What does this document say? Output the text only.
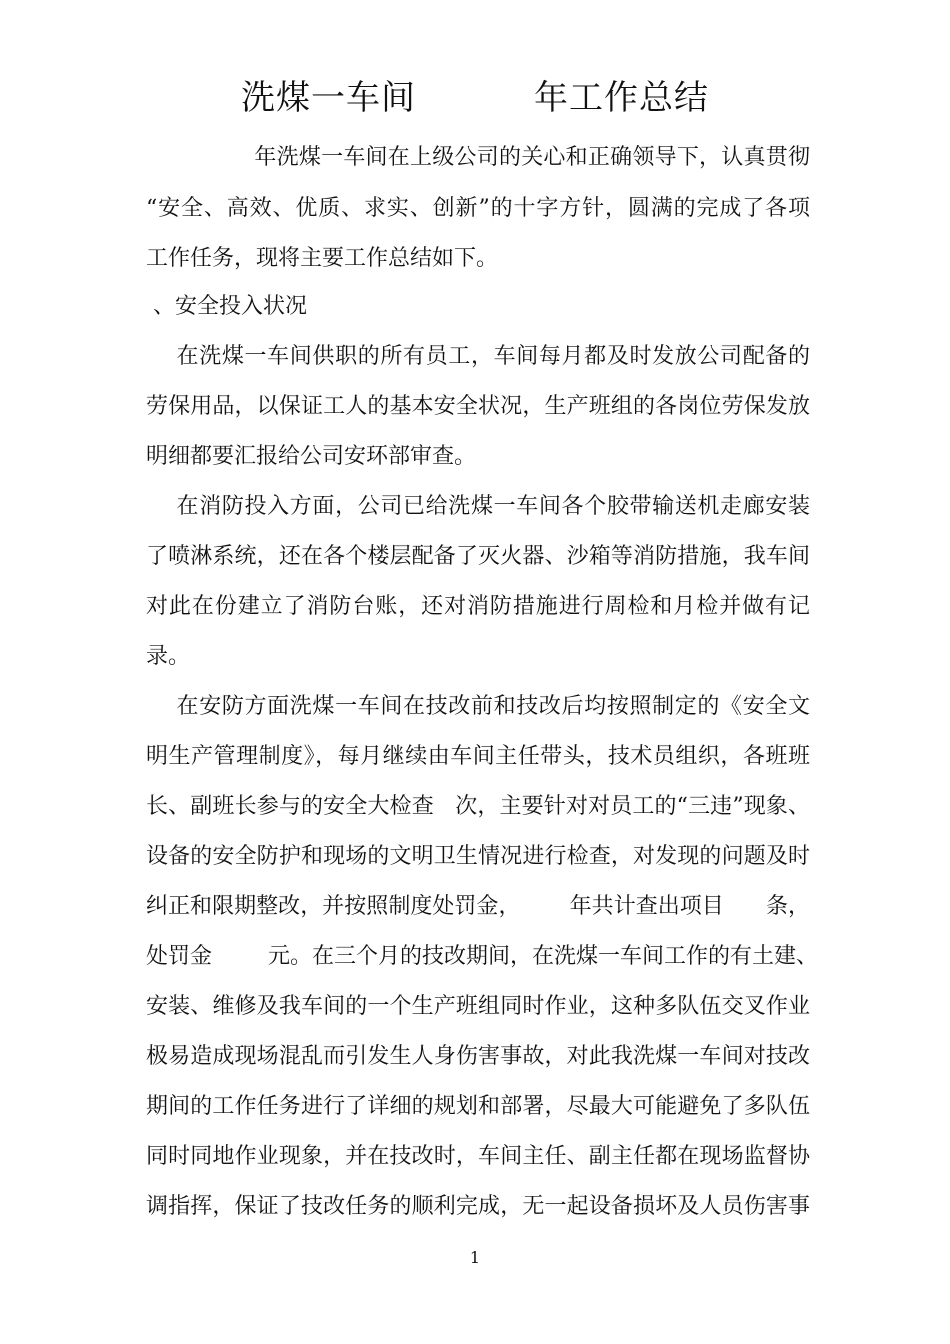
洗煤一车间          年工作总结
年洗煤一车间在上级公司的关心和正确领导下，认真贯彻
“安全、高效、优质、求实、创新”的十字方针，圆满的完成了各项
工作任务，现将主要工作总结如下。
、安全投入状况
在洗煤一车间供职的所有员工，车间每月都及时发放公司配备的
劳保用品，以保证工人的基本安全状况，生产班组的各岗位劳保发放
明细都要汇报给公司安环部审查。
在消防投入方面，公司已给洗煤一车间各个胶带输送机走廊安装
了喷淋系统，还在各个楼层配备了灭火器、沙箱等消防措施，我车间
对此在份建立了消防台账，还对消防措施进行周检和月检并做有记
录。
在安防方面洗煤一车间在技改前和技改后均按照制定的《安全文
明生产管理制度》，每月继续由车间主任带头，技术员组织，各班班
长、副班长参与的安全大检查   次，主要针对对员工的“三违”现象、
设备的安全防护和现场的文明卫生情况进行检查，对发现的问题及时
纠正和限期整改，并按照制度处罚金，       年共计查出项目      条，
处罚金        元。在三个月的技改期间，在洗煤一车间工作的有土建、
安装、维修及我车间的一个生产班组同时作业，这种多队伍交叉作业
极易造成现场混乱而引发生人身伤害事故，对此我洗煤一车间对技改
期间的工作任务进行了详细的规划和部署，尽最大可能避免了多队伍
同时同地作业现象，并在技改时，车间主任、副主任都在现场监督协
调指挥，保证了技改任务的顺利完成，无一起设备损坏及人员伤害事
1
